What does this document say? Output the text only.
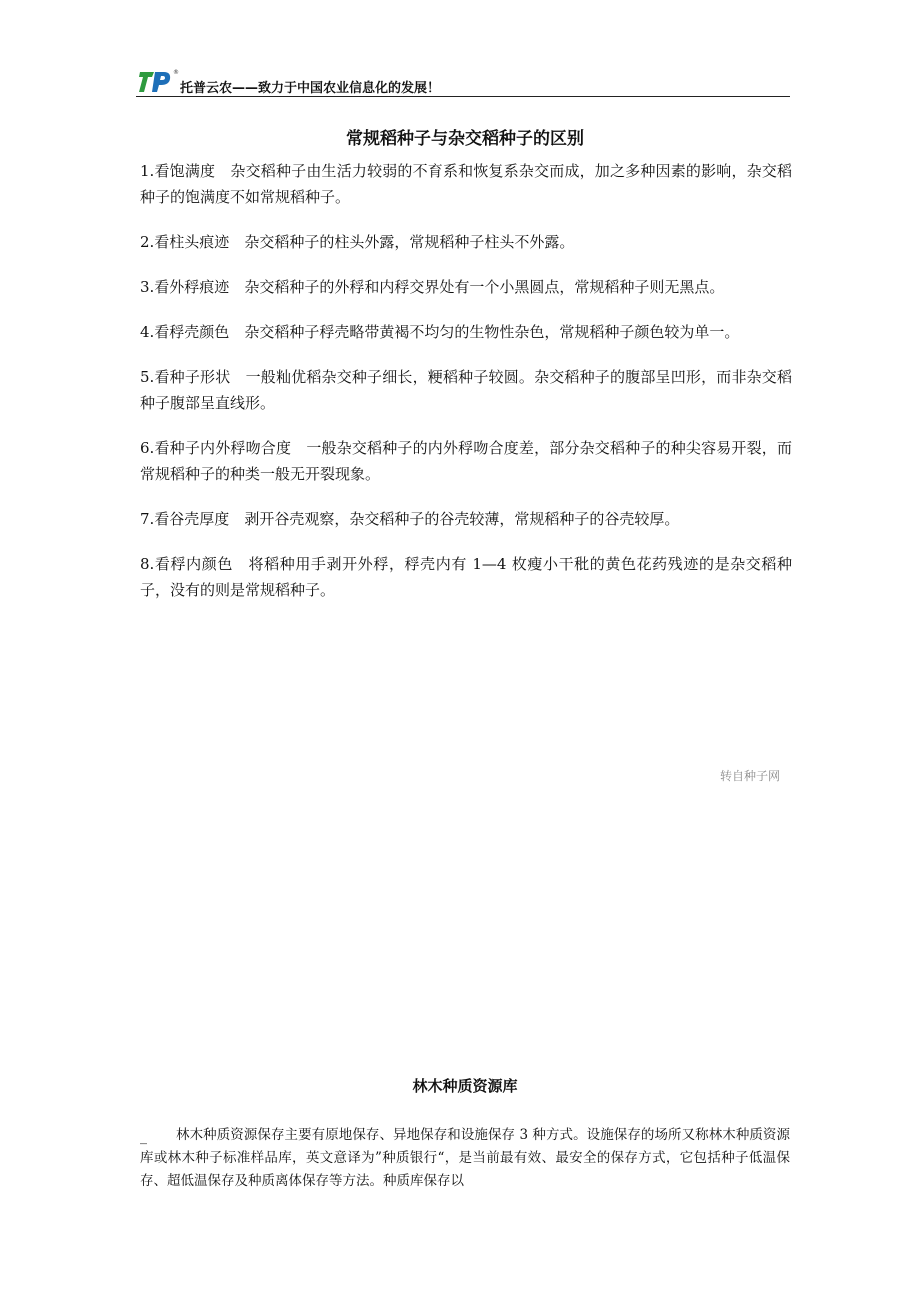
®
托普云农——致力于中国农业信息化的发展！
常规稻种子与杂交稻种子的区别

1.看饱满度　杂交稻种子由生活力较弱的不育系和恢复系杂交而成，加之多种因素的影响，杂交稻种子的饱满度不如常规稻种子。

2.看柱头痕迹　杂交稻种子的柱头外露，常规稻种子柱头不外露。

3.看外稃痕迹　杂交稻种子的外稃和内稃交界处有一个小黑圆点，常规稻种子则无黑点。

4.看稃壳颜色　杂交稻种子稃壳略带黄褐不均匀的生物性杂色，常规稻种子颜色较为单一。

5.看种子形状　一般籼优稻杂交种子细长，粳稻种子较圆。杂交稻种子的腹部呈凹形，而非杂交稻种子腹部呈直线形。

6.看种子内外稃吻合度　一般杂交稻种子的内外稃吻合度差，部分杂交稻种子的种尖容易开裂，而常规稻种子的种类一般无开裂现象。

7.看谷壳厚度　剥开谷壳观察，杂交稻种子的谷壳较薄，常规稻种子的谷壳较厚。

8.看稃内颜色　将稻种用手剥开外稃，稃壳内有 1—4 枚瘦小干秕的黄色花药残迹的是杂交稻种子，没有的则是常规稻种子。

转自种子网
林木种质资源库
_	林木种质资源保存主要有原地保存、异地保存和设施保存 3 种方式。设施保存的场所又称林木种质资源库或林木种子标准样品库，英文意译为”种质银行“，是当前最有效、最安全的保存方式，它包括种子低温保存、超低温保存及种质离体保存等方法。种质库保存以
